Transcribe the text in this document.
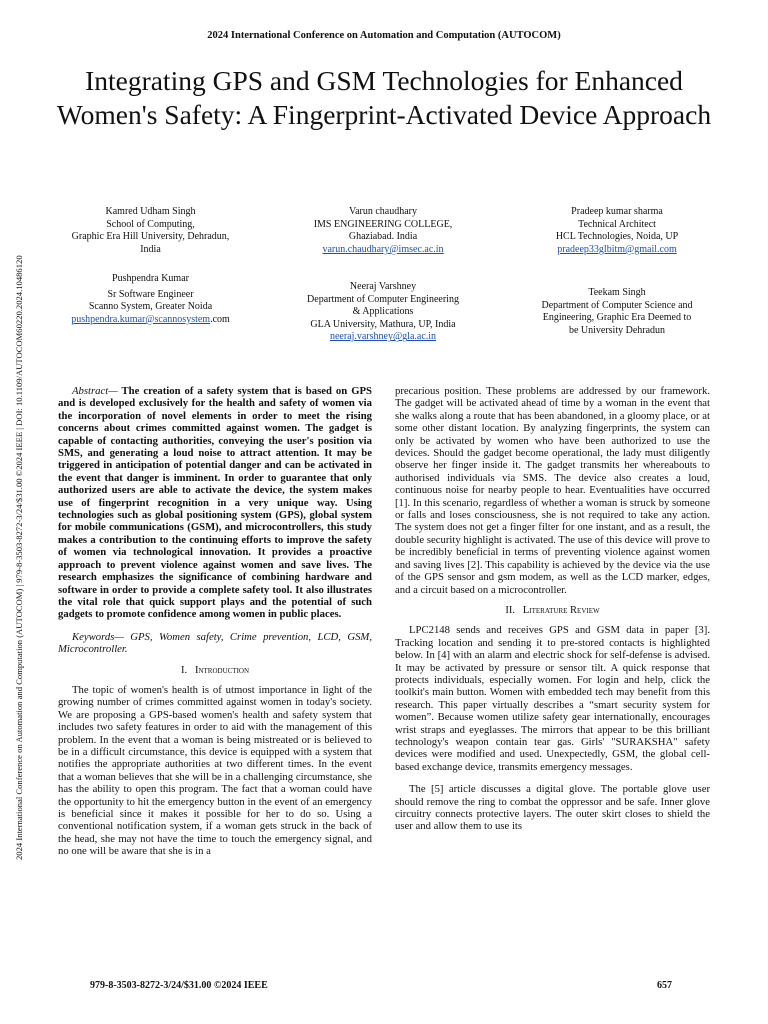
2024 International Conference on Automation and Computation (AUTOCOM)
Integrating GPS and GSM Technologies for Enhanced Women's Safety: A Fingerprint-Activated Device Approach
2024 International Conference on Automation and Computation (AUTOCOM) | 979-8-3503-8272-3/24/$31.00 ©2024 IEEE | DOI: 10.1109/AUTOCOM60220.2024.10486120
Kamred Udham Singh
School of Computing,
Graphic Era Hill University, Dehradun,
India
Varun chaudhary
IMS ENGINEERING COLLEGE,
Ghaziabad. India
varun.chaudhary@imsec.ac.in
Pradeep kumar sharma
Technical Architect
HCL Technologies, Noida, UP
pradeep33glbitm@gmail.com
Pushpendra Kumar
Sr Software Engineer
Scanno System, Greater Noida
pushpendra.kumar@scannosystem.com
Neeraj Varshney
Department of Computer Engineering
& Applications
GLA University, Mathura, UP, India
neeraj.varshney@gla.ac.in
Teekam Singh
Department of Computer Science and
Engineering, Graphic Era Deemed to
be University Dehradun

Abstract— The creation of a safety system that is based on GPS and is developed exclusively for the health and safety of women via the incorporation of novel elements in order to meet the rising concerns about crimes committed against women. The gadget is capable of contacting authorities, conveying the user's position via SMS, and generating a loud noise to attract attention. It may be triggered in anticipation of potential danger and can be activated in the event that danger is imminent. In order to guarantee that only authorized users are able to activate the device, the system makes use of fingerprint recognition in a very unique way. Using technologies such as global positioning system (GPS), global system for mobile communications (GSM), and microcontrollers, this study makes a contribution to the continuing efforts to improve the safety of women via technological innovation. It provides a proactive approach to prevent violence against women and save lives. The research emphasizes the significance of combining hardware and software in order to provide a complete safety tool. It also illustrates the vital role that quick support plays and the potential of such gadgets to promote confidence among women in public places.

Keywords— GPS, Women safety, Crime prevention, LCD, GSM, Microcontroller.

I. Introduction

The topic of women's health is of utmost importance in light of the growing number of crimes committed against women in today's society. We are proposing a GPS-based women's health and safety system that includes two safety features in order to aid with the management of this problem. In the event that a woman is being mistreated or is believed to be in a difficult circumstance, this device is equipped with a system that notifies the appropriate authorities at two different times. In the event that a woman believes that she will be in a challenging circumstance, she has the ability to open this program. The fact that a woman could have the opportunity to hit the emergency button in the event of an emergency is beneficial since it makes it possible for her to do so. Using a conventional notification system, if a woman gets struck in the back of the head, she may not have the time to touch the emergency signal, and no one will be aware that she is in a

precarious position. These problems are addressed by our framework. The gadget will be activated ahead of time by a woman in the event that she walks along a route that has been abandoned, in a gloomy place, or at some other distant location. By analyzing fingerprints, the system can only be activated by women who have been authorized to use the devices. Should the gadget become operational, the lady must diligently observe her finger inside it. The gadget transmits her whereabouts to authorised individuals via SMS. The device also creates a loud, continuous noise for nearby people to hear. Eventualities have occurred [1]. In this scenario, regardless of whether a woman is struck by someone or falls and loses consciousness, she is not required to take any action. The system does not get a finger filter for one instant, and as a result, the double security highlight is activated. The use of this device will prove to be incredibly beneficial in terms of preventing violence against women and saving lives [2]. This capability is achieved by the device via the use of the GPS sensor and gsm modem, as well as the LCD marker, edges, and a circuit based on a microcontroller.

II. Literature Review

LPC2148 sends and receives GPS and GSM data in paper [3]. Tracking location and sending it to pre-stored contacts is highlighted below. In [4] with an alarm and electric shock for self-defense is advised. It may be activated by pressure or sensor tilt. A quick response that protects individuals, especially women. For login and help, click the toolkit's main button. Women with embedded tech may benefit from this research. This paper virtually describes a “smart security system for women”. Because women utilize safety gear internationally, encourages wrist straps and eyeglasses. The mirrors that appear to be this brilliant technology's weapon contain tear gas. Girls' "SURAKSHA" safety devices were modified and used. Unexpectedly, GSM, the global cell-based exchange device, transmits emergency messages.

The [5] article discusses a digital glove. The portable glove user should remove the ring to combat the oppressor and be safe. Inner glove circuitry connects protective layers. The outer skirt closes to shield the user and allow them to use its

979-8-3503-8272-3/24/$31.00 ©2024 IEEE	657
